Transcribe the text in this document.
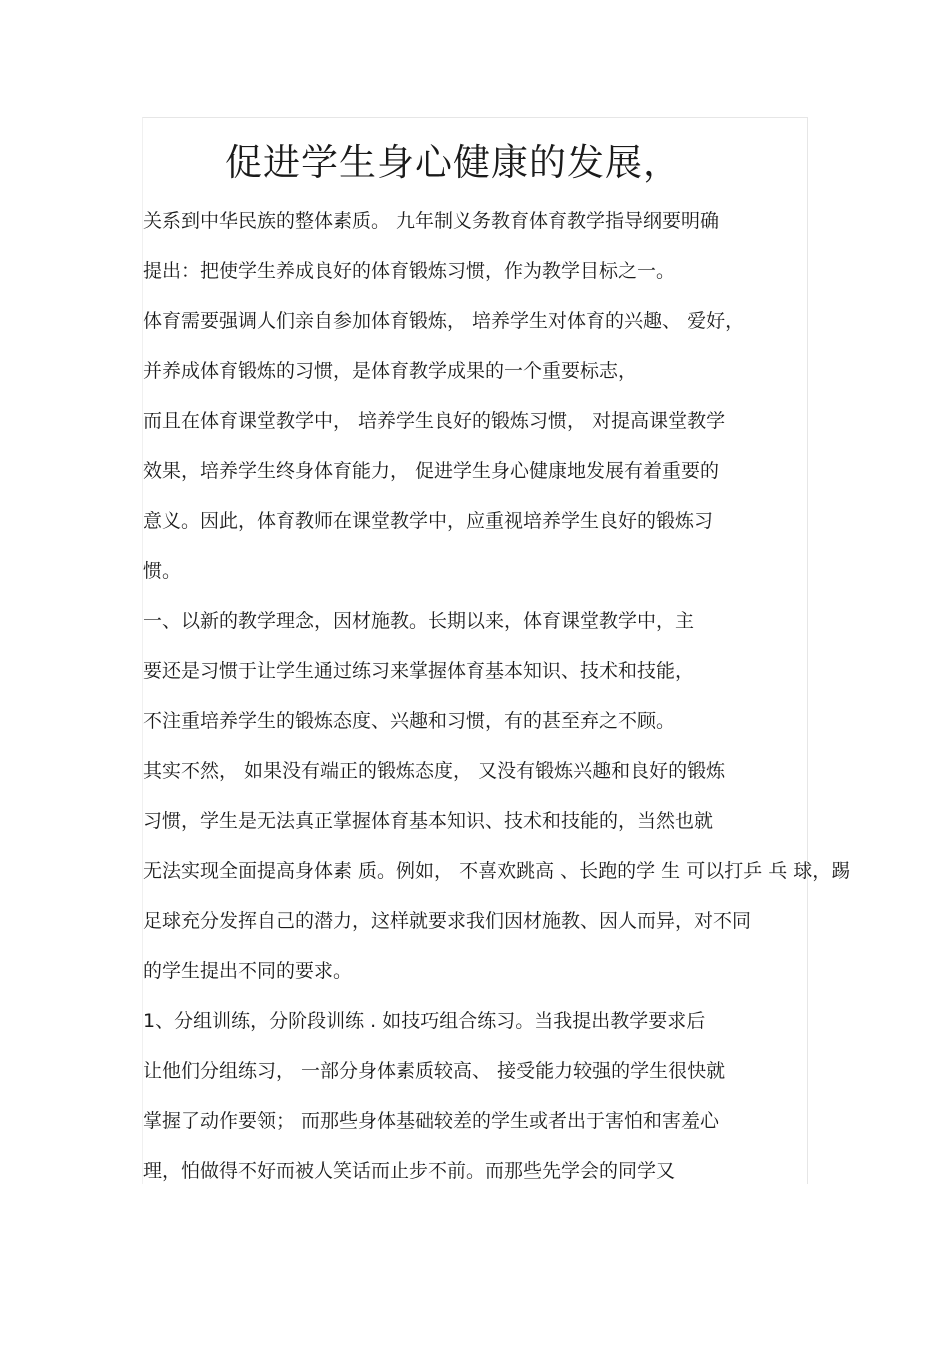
促进学生身心健康的发展，
关系到中华民族的整体素质。 九年制义务教育体育教学指导纲要明确
提出：把使学生养成良好的体育锻炼习惯，作为教学目标之一。
体育需要强调人们亲自参加体育锻炼， 培养学生对体育的兴趣、 爱好，
并养成体育锻炼的习惯，是体育教学成果的一个重要标志，
而且在体育课堂教学中， 培养学生良好的锻炼习惯， 对提高课堂教学
效果，培养学生终身体育能力， 促进学生身心健康地发展有着重要的
意义。因此，体育教师在课堂教学中，应重视培养学生良好的锻炼习
惯。
一、以新的教学理念，因材施教。长期以来，体育课堂教学中，主
要还是习惯于让学生通过练习来掌握体育基本知识、技术和技能，
不注重培养学生的锻炼态度、兴趣和习惯，有的甚至弃之不顾。
其实不然， 如果没有端正的锻炼态度， 又没有锻炼兴趣和良好的锻炼
习惯，学生是无法真正掌握体育基本知识、技术和技能的，当然也就
无法实现全面提高身体素 质。例如， 不喜欢跳高 、长跑的学 生 可以打乒 乓 球，踢
足球充分发挥自己的潜力，这样就要求我们因材施教、因人而异，对不同
的学生提出不同的要求。
1、分组训练，分阶段训练 . 如技巧组合练习。当我提出教学要求后
让他们分组练习， 一部分身体素质较高、 接受能力较强的学生很快就
掌握了动作要领； 而那些身体基础较差的学生或者出于害怕和害羞心
理，怕做得不好而被人笑话而止步不前。而那些先学会的同学又
